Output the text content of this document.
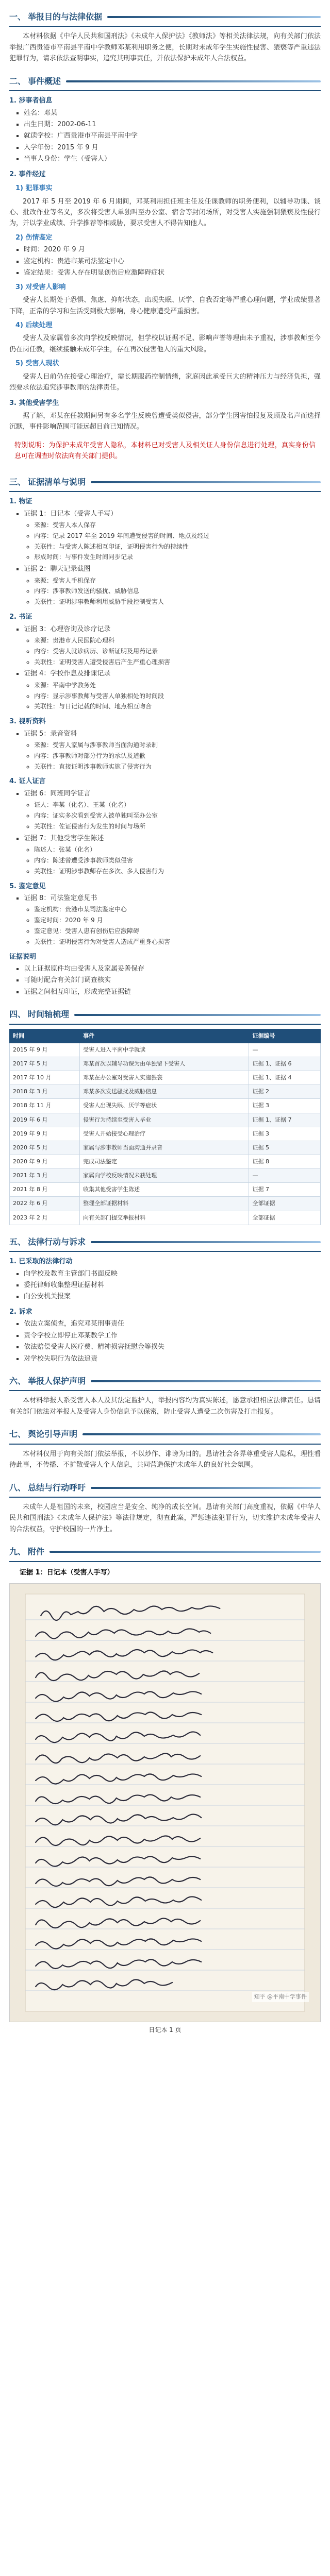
一、 举报目的与法律依据

本材料依据《中华人民共和国刑法》《未成年人保护法》《教师法》等相关法律法规，向有关部门依法举报广西贵港市平南县平南中学教师邓某利用职务之便，长期对未成年学生实施性侵害、猥亵等严重违法犯罪行为，请求依法查明事实，追究其刑事责任，并依法保护未成年人合法权益。

二、 事件概述
1. 涉事者信息
▪ 姓名：邓某
▪ 出生日期：2002-06-11
▪ 就读学校：广西贵港市平南县平南中学
▪ 入学年份：2015 年 9 月
▪ 当事人身份：学生（受害人）
2. 事件经过
1) 犯罪事实

2017 年 5 月至 2019 年 6 月期间，邓某利用担任班主任及任课教师的职务便利，以辅导功课、谈心、批改作业等名义，多次将受害人单独叫至办公室、宿舍等封闭场所，对受害人实施强制猥亵及性侵行为，并以学业成绩、升学推荐等相威胁，要求受害人不得告知他人。

2) 伤情鉴定
▪ 时间：2020 年 9 月
▪ 鉴定机构：贵港市某司法鉴定中心
▪ 鉴定结果：受害人存在明显创伤后应激障碍症状
3) 对受害人影响

受害人长期处于恐惧、焦虑、抑郁状态，出现失眠、厌学、自我否定等严重心理问题，学业成绩显著下降，正常的学习和生活受到极大影响，身心健康遭受严重损害。

4) 后续处理

受害人及家属曾多次向学校反映情况，但学校以证据不足、影响声誉等理由未予重视，涉事教师至今仍在岗任教，继续接触未成年学生，存在再次侵害他人的重大风险。

5) 受害人现状

受害人目前仍在接受心理治疗，需长期服药控制情绪，家庭因此承受巨大的精神压力与经济负担，强烈要求依法追究涉事教师的法律责任。

3. 其他受害学生

据了解，邓某在任教期间另有多名学生反映曾遭受类似侵害，部分学生因害怕报复及顾及名声而选择沉默，事件影响范围可能远超目前已知情况。

特别说明：为保护未成年受害人隐私，本材料已对受害人及相关证人身份信息进行处理，真实身份信息可在调查时依法向有关部门提供。

三、 证据清单与说明
1. 物证
▪ 证据 1：日记本（受害人手写）
◦ 来源：受害人本人保存
◦ 内容：记录 2017 年至 2019 年间遭受侵害的时间、地点及经过
◦ 关联性：与受害人陈述相互印证，证明侵害行为的持续性
◦ 形成时间：与事件发生时间同步记录
▪ 证据 2：聊天记录截图
◦ 来源：受害人手机保存
◦ 内容：涉事教师发送的骚扰、威胁信息
◦ 关联性：证明涉事教师利用威胁手段控制受害人
2. 书证
▪ 证据 3：心理咨询及诊疗记录
◦ 来源：贵港市人民医院心理科
◦ 内容：受害人就诊病历、诊断证明及用药记录
◦ 关联性：证明受害人遭受侵害后产生严重心理损害
▪ 证据 4：学校作息及排课记录
◦ 来源：平南中学教务处
◦ 内容：显示涉事教师与受害人单独相处的时间段
◦ 关联性：与日记记载的时间、地点相互吻合
3. 视听资料
▪ 证据 5：录音资料
◦ 来源：受害人家属与涉事教师当面沟通时录制
◦ 内容：涉事教师对部分行为的承认及道歉
◦ 关联性：直接证明涉事教师实施了侵害行为
4. 证人证言
▪ 证据 6：同班同学证言
◦ 证人：李某（化名）、王某（化名）
◦ 内容：证实多次看到受害人被单独叫至办公室
◦ 关联性：佐证侵害行为发生的时间与场所
▪ 证据 7：其他受害学生陈述
◦ 陈述人：张某（化名）
◦ 内容：陈述曾遭受涉事教师类似侵害
◦ 关联性：证明涉事教师存在多次、多人侵害行为
5. 鉴定意见
▪ 证据 8：司法鉴定意见书
◦ 鉴定机构：贵港市某司法鉴定中心
◦ 鉴定时间：2020 年 9 月
◦ 鉴定意见：受害人患有创伤后应激障碍
◦ 关联性：证明侵害行为对受害人造成严重身心损害
证据说明
▪ 以上证据原件均由受害人及家属妥善保存
▪ 可随时配合有关部门调查核实
▪ 证据之间相互印证，形成完整证据链
四、 时间轴梳理
时间	事件	证据编号
2015 年 9 月	受害人进入平南中学就读	—
2017 年 5 月	邓某首次以辅导功课为由单独留下受害人	证据 1、证据 6
2017 年 10 月	邓某在办公室对受害人实施猥亵	证据 1、证据 4
2018 年 3 月	邓某多次发送骚扰及威胁信息	证据 2
2018 年 11 月	受害人出现失眠、厌学等症状	证据 3
2019 年 6 月	侵害行为持续至受害人毕业	证据 1、证据 7
2019 年 9 月	受害人开始接受心理治疗	证据 3
2020 年 5 月	家属与涉事教师当面沟通并录音	证据 5
2020 年 9 月	完成司法鉴定	证据 8
2021 年 3 月	家属向学校反映情况未获处理	—
2021 年 8 月	收集其他受害学生陈述	证据 7
2022 年 6 月	整理全部证据材料	全部证据
2023 年 2 月	向有关部门提交举报材料	全部证据
五、 法律行动与诉求
1. 已采取的法律行动
▪ 向学校及教育主管部门书面反映
▪ 委托律师收集整理证据材料
▪ 向公安机关报案
2. 诉求
▪ 依法立案侦查，追究邓某刑事责任
▪ 责令学校立即停止邓某教学工作
▪ 依法赔偿受害人医疗费、精神损害抚慰金等损失
▪ 对学校失职行为依法追责
六、 举报人保护声明

本材料举报人系受害人本人及其法定监护人，举报内容均为真实陈述，愿意承担相应法律责任。恳请有关部门依法对举报人及受害人身份信息予以保密，防止受害人遭受二次伤害及打击报复。

七、 舆论引导声明

本材料仅用于向有关部门依法举报，不以炒作、诽谤为目的。恳请社会各界尊重受害人隐私，理性看待此事，不传播、不扩散受害人个人信息，共同营造保护未成年人的良好社会氛围。

八、 总结与行动呼吁

未成年人是祖国的未来，校园应当是安全、纯净的成长空间。恳请有关部门高度重视，依据《中华人民共和国刑法》《未成年人保护法》等法律规定，彻查此案，严惩违法犯罪行为，切实维护未成年受害人的合法权益，守护校园的一片净土。

九、 附件
证据 1：日记本（受害人手写）
知乎 @平南中学事件
日记本 1 页
